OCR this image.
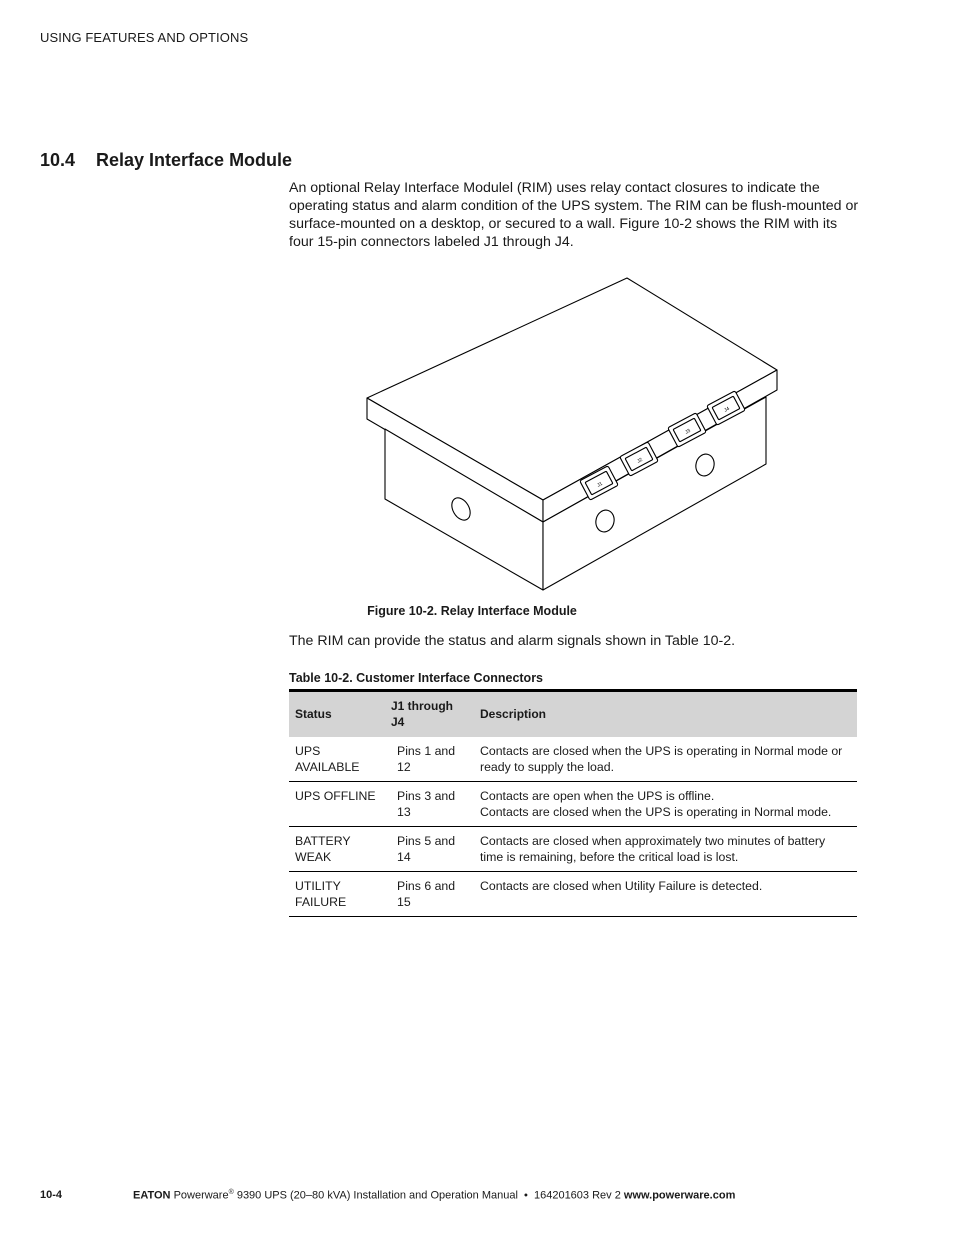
USING FEATURES AND OPTIONS
10.4 Relay Interface Module

An optional Relay Interface Modulel (RIM) uses relay contact closures to indicate the operating status and alarm condition of the UPS system. The RIM can be flush-mounted or surface-mounted on a desktop, or secured to a wall. Figure 10-2 shows the RIM with its four 15-pin connectors labeled J1 through J4.

J1
J2
J3
J4
Figure 10-2. Relay Interface Module

The RIM can provide the status and alarm signals shown in Table 10-2.

Table 10-2. Customer Interface Connectors
Status	J1 through J4	Description
UPS AVAILABLE	Pins 1 and 12	Contacts are closed when the UPS is operating in Normal mode or ready to supply the load.
UPS OFFLINE	Pins 3 and 13	Contacts are open when the UPS is offline.
Contacts are closed when the UPS is operating in Normal mode.

BATTERY WEAK	Pins 5 and 14	Contacts are closed when approximately two minutes of battery time is remaining, before the critical load is lost.
UTILITY FAILURE	Pins 6 and 15	Contacts are closed when Utility Failure is detected.
10-4	EATON Powerware® 9390 UPS (20–80 kVA) Installation and Operation Manual  •  164201603 Rev 2 www.powerware.com
